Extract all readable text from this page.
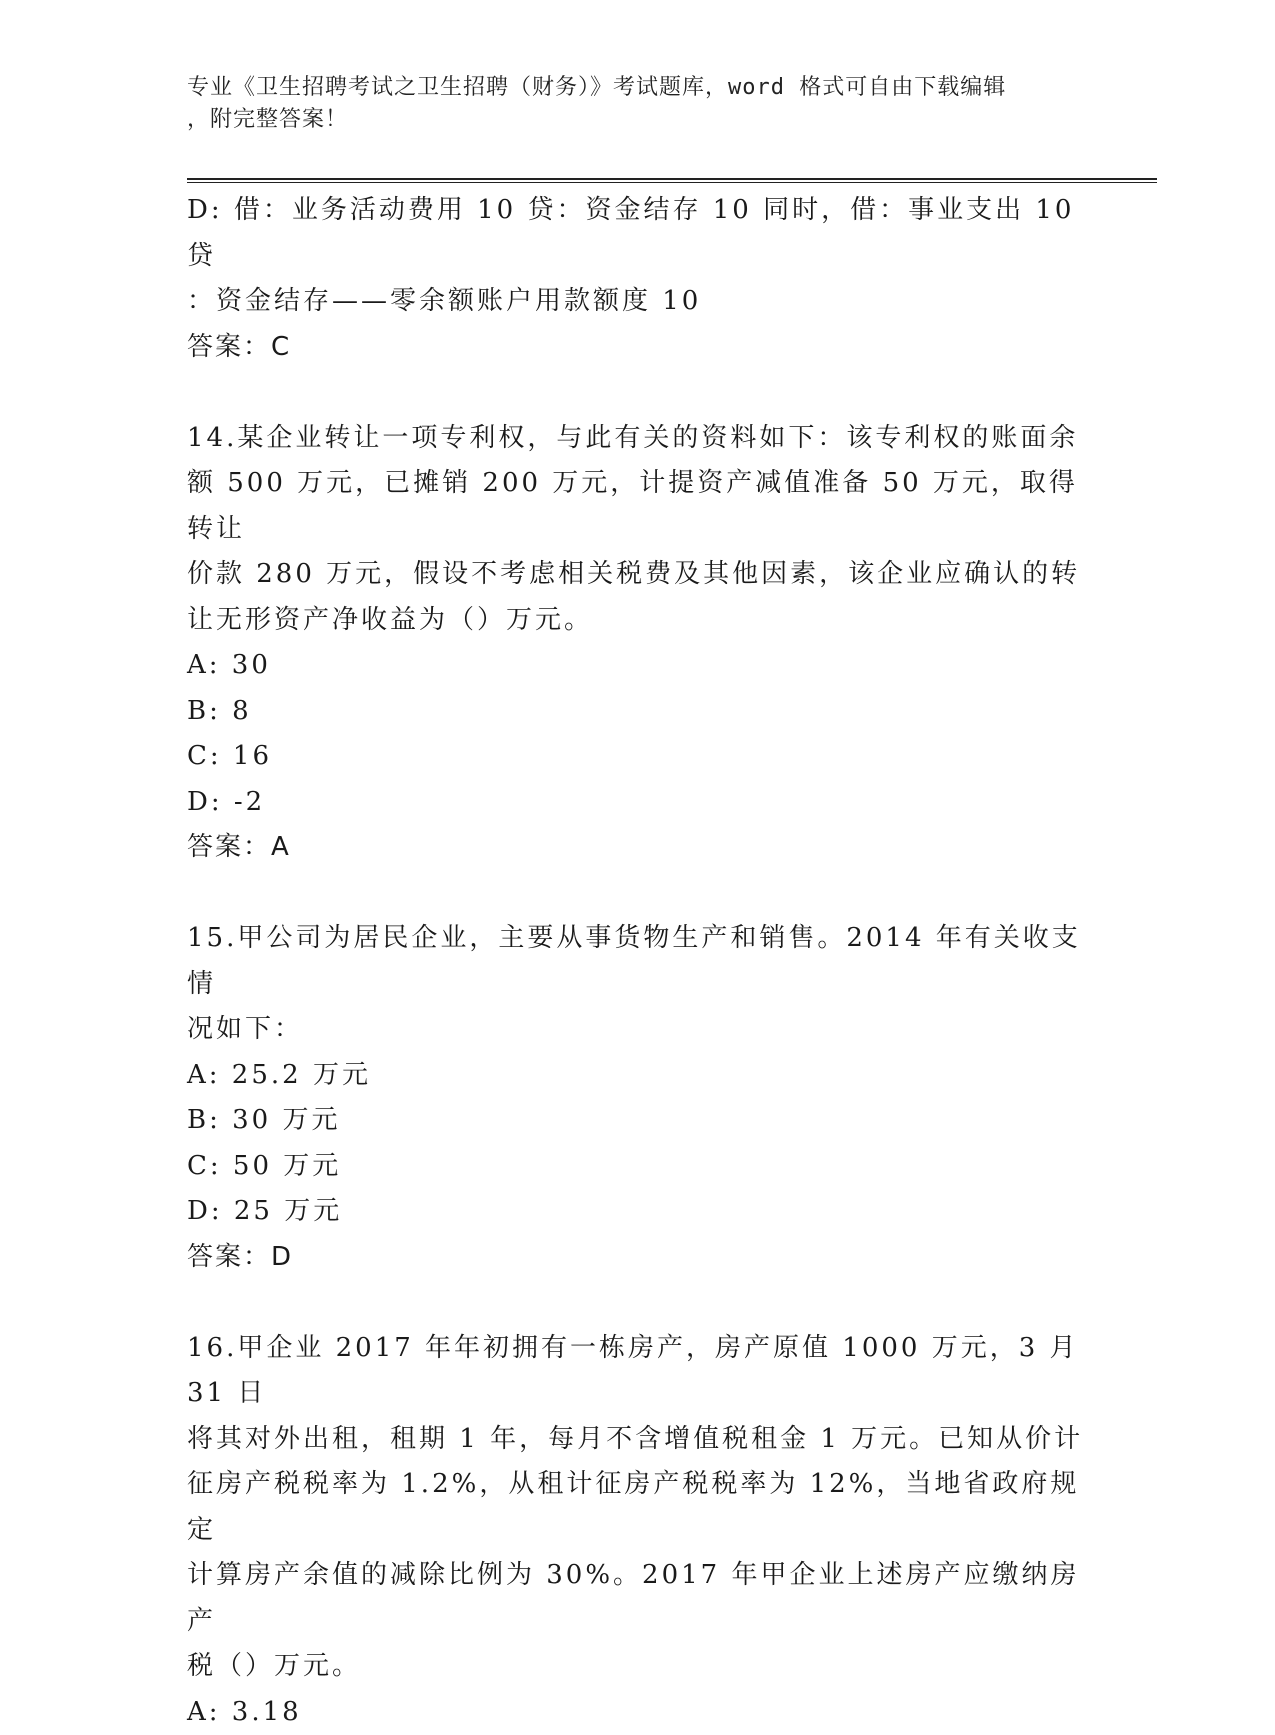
专业《卫生招聘考试之卫生招聘（财务）》考试题库，word 格式可自由下载编辑
，附完整答案！

D: 借：业务活动费用 10 贷：资金结存 10 同时，借：事业支出 10 贷

：资金结存——零余额账户用款额度 10

答案：C

14.某企业转让一项专利权，与此有关的资料如下：该专利权的账面余

额 500 万元，已摊销 200 万元，计提资产减值准备 50 万元，取得转让

价款 280 万元，假设不考虑相关税费及其他因素，该企业应确认的转

让无形资产净收益为（）万元。

A: 30

B: 8

C: 16

D: -2

答案：A

15.甲公司为居民企业，主要从事货物生产和销售。2014 年有关收支情

况如下：

A: 25.2 万元

B: 30 万元

C: 50 万元

D: 25 万元

答案：D

16.甲企业 2017 年年初拥有一栋房产，房产原值 1000 万元，3 月 31 日

将其对外出租，租期 1 年，每月不含增值税租金 1 万元。已知从价计

征房产税税率为 1.2%，从租计征房产税税率为 12%，当地省政府规定

计算房产余值的减除比例为 30%。2017 年甲企业上述房产应缴纳房产

税（）万元。

A: 3.18
